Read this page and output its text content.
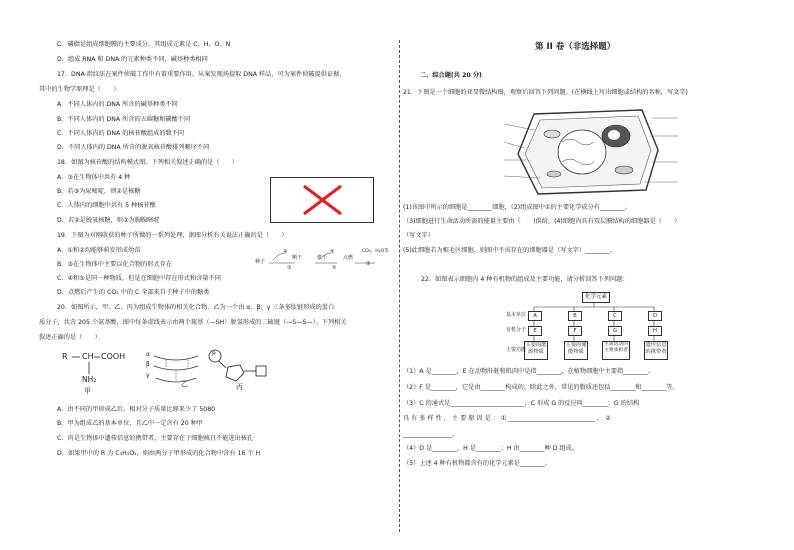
C．磷脂是组成细胞膜的主要成分，其组成元素是 C、H、O、N
D．组成 RNA 和 DNA 的元素种类不同，碱基种类相同
17．DNA 指纹法在案件侦破工作中有着重要作用，从案发现场提取 DNA 样品，可为案件侦破提供证据，
其中的生物学原理是（　　）
A．不同人体内的 DNA 所含的碱基种类不同
B．不同人体内的 DNA 所含的五碳糖和磷酸不同
C．不同人体内的 DNA 的核苷酸组成的数不同
D．不同人体内的 DNA 所含的脱氧核苷酸排列顺序不同
18．如图为核苷酸的结构模式图。下列相关叙述正确的是（　　）
A．③在生物体中共有 4 种
B．若③为尿嘧啶，则②是核糖
C．人体内的细胞中共有 5 种核苷酸
D．若②是脱氧核糖，则③为胸腺嘧啶
19．下图为对刚收获的种子所做的一系列处理，据图分析有关说法正确的是（　　）
A．①和②均能够萌发形成幼苗
B．③在生物体中主要以化合物的形式存在
C．④和⑤是同一种物质，但是在细胞中存在形式和含量不同
D．点燃后产生的 CO₂ 中的 C 全部来自于种子中的糖类
种子
晒干	烘干	点燃
CO₂、H₂O等
④	⑤
①	②
③
20．如图所示，甲、乙、丙为组成生物体的相关化合物，乙为一个由 α、β、γ 三条多肽链形成的蛋白
质分子，共含 205 个氨基酸，图中每条虚线表示由两个巯基（—SH）脱氢形成的二硫键（—S—S—）。下列相关
叙述正确的是（　　）
R CH COOH
NH₂
甲
α
β
γ
乙
P
丙
A．由不同的甲形成乙后，相对分子质量比原来少了 5080
B．甲为组成乙的基本单位，且乙中一定含有 20 种甲
C．丙是生物体中遗传信息的携带者，主要存在于细胞核且不能进出核孔
D．如果甲中的 R 为 C₃H₅O₂，则由两分子甲形成的化合物中含有 16 个 H
第 II 卷（非选择题）
二、综合题(共 20 分)
21．下图是一个细胞的亚显微结构图，观察后回答下列问题。(在横线上写出细胞或结构的名称，写文字)
(1)该图中所示的细胞是________细胞，（2)组成图中①的主要化学成分有________。
（3)细胞进行生命活动所需的能量主要由（　　)供给，(4)细胞内具有双层膜结构的细胞器是（　　）
（写文字）
(5)此细胞若为根毛区细胞，则图中不该存在的细胞器是（写文字）________。
22．如图表示细胞内 4 种有机物的组成及主要功能，请分析回答下列问题：
化学元素
基本单位
有机分子
主要功能
A	B	C	D
E	F	G	H
主要的能源物质
主要的储能物质
生命活动的主要承担者
遗传信息的携带者
（1）A 是________，E 在动物肝脏和肌肉中是指________，在植物细胞中主要指________。
（2）F 是________，它是由________构成的，除此之外，常见的脂质还包括________和________等。
（3）C 的通式是________________________，C 形成 G 的反应叫________；G 的结构
具 有 多 样 性 ， 主 要 原 因 是 ： ① ____________________________ ， ②
________________。
（4）D 是________，H 是________；H 由________种 D 组成。
（5）上述 4 种有机物都含有的化学元素是________。
